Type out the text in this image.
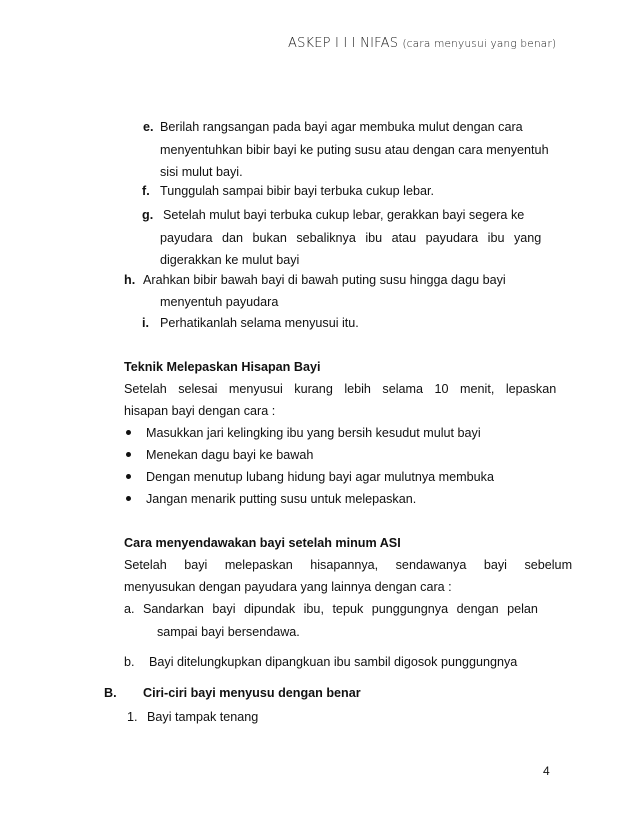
ASKEP I I I NIFAS (cara menyusui yang benar)
e. Berilah rangsangan pada bayi agar membuka mulut dengan cara
menyentuhkan bibir bayi ke puting susu atau dengan cara menyentuh
sisi mulut bayi.
f. Tunggulah sampai bibir bayi terbuka cukup lebar.
g. Setelah mulut bayi terbuka cukup lebar, gerakkan bayi segera ke
payudara dan bukan sebaliknya ibu atau payudara ibu yang
digerakkan ke mulut bayi
h. Arahkan bibir bawah bayi di bawah puting susu hingga dagu bayi
menyentuh payudara
i. Perhatikanlah selama menyusui itu.
Teknik Melepaskan Hisapan Bayi
Setelah selesai menyusui kurang lebih selama 10 menit, lepaskan
hisapan bayi dengan cara :
Masukkan jari kelingking ibu yang bersih kesudut mulut bayi
Menekan dagu bayi ke bawah
Dengan menutup lubang hidung bayi agar mulutnya membuka
Jangan menarik putting susu untuk melepaskan.
Cara menyendawakan bayi setelah minum ASI
Setelah bayi melepaskan hisapannya, sendawanya bayi sebelum
menyusukan dengan payudara yang lainnya dengan cara :
a. Sandarkan bayi dipundak ibu, tepuk punggungnya dengan pelan
sampai bayi bersendawa.
b. Bayi ditelungkupkan dipangkuan ibu sambil digosok punggungnya
B. Ciri-ciri bayi menyusu dengan benar
1. Bayi tampak tenang
4
